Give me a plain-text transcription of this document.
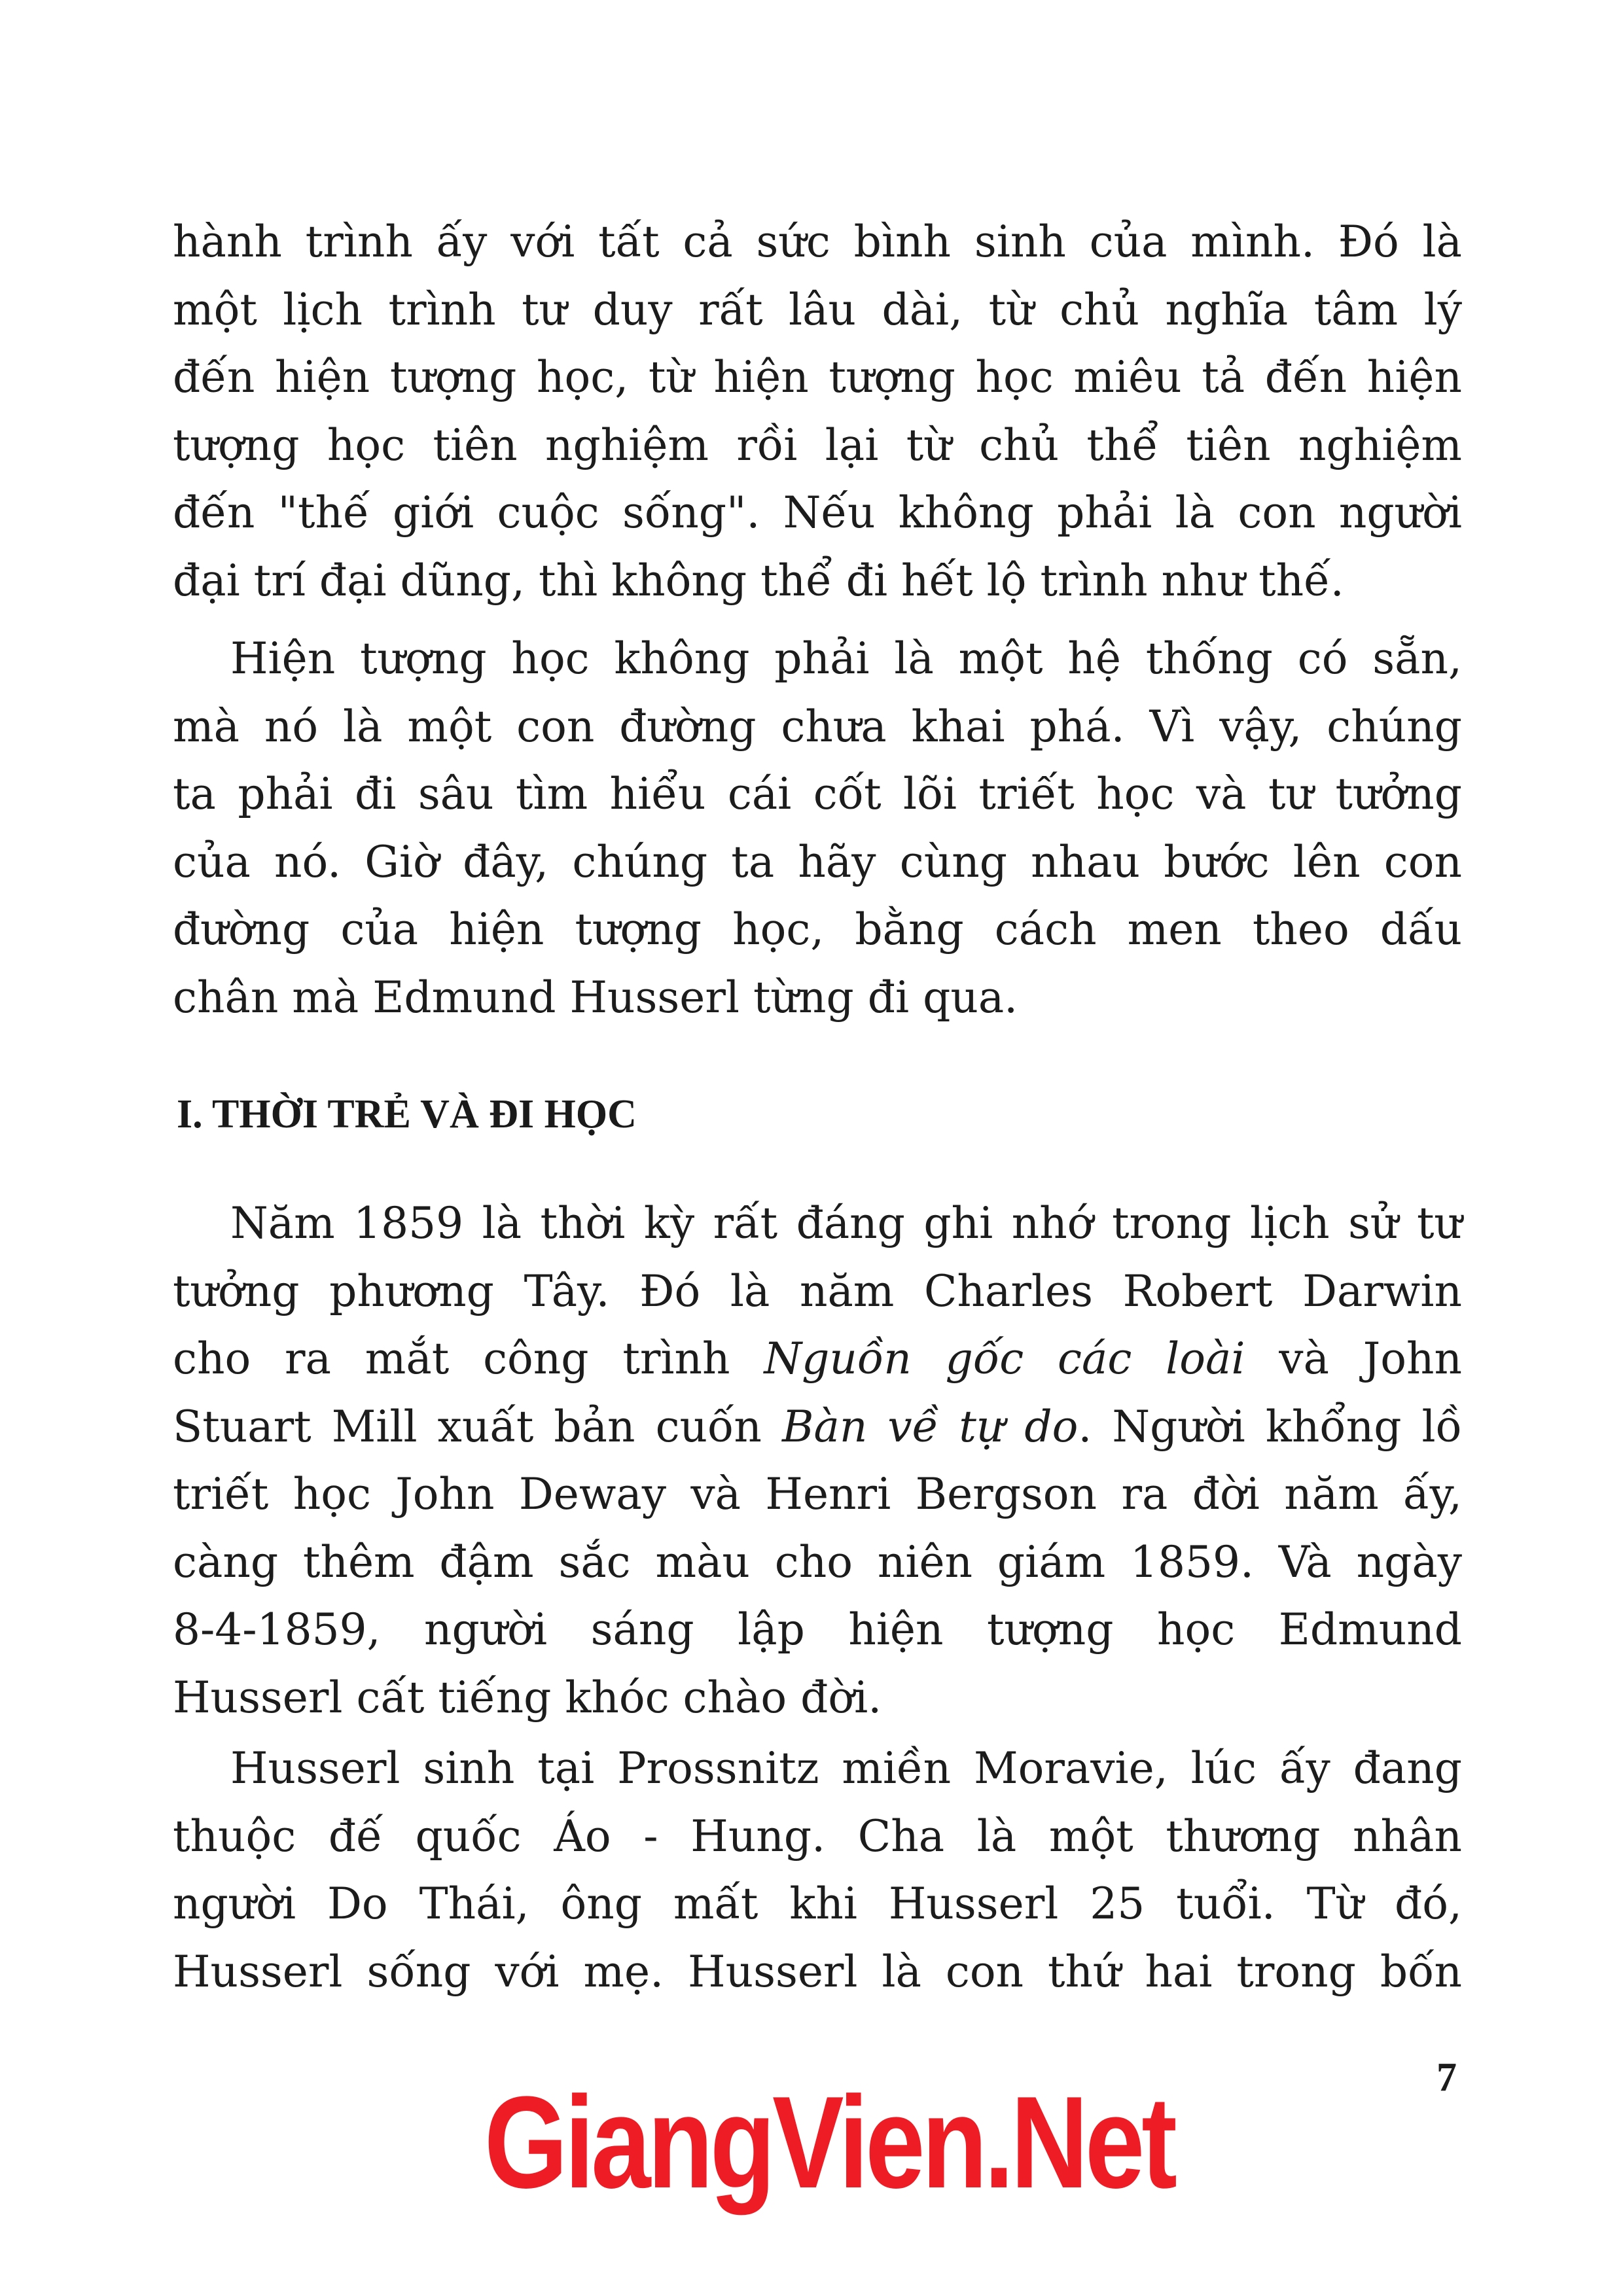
hành trình ấy với tất cả sức bình sinh của mình. Đó là
một lịch trình tư duy rất lâu dài, từ chủ nghĩa tâm lý
đến hiện tượng học, từ hiện tượng học miêu tả đến hiện
tượng học tiên nghiệm rồi lại từ chủ thể tiên nghiệm
đến "thế giới cuộc sống". Nếu không phải là con người
đại trí đại dũng, thì không thể đi hết lộ trình như thế.
Hiện tượng học không phải là một hệ thống có sẵn,
mà nó là một con đường chưa khai phá. Vì vậy, chúng
ta phải đi sâu tìm hiểu cái cốt lõi triết học và tư tưởng
của nó. Giờ đây, chúng ta hãy cùng nhau bước lên con
đường của hiện tượng học, bằng cách men theo dấu
chân mà Edmund Husserl từng đi qua.
I. THỜI TRẺ VÀ ĐI HỌC
Năm 1859 là thời kỳ rất đáng ghi nhớ trong lịch sử tư
tưởng phương Tây. Đó là năm Charles Robert Darwin
cho ra mắt công trình Nguồn gốc các loài và John
Stuart Mill xuất bản cuốn Bàn về tự do. Người khổng lồ
triết học John Deway và Henri Bergson ra đời năm ấy,
càng thêm đậm sắc màu cho niên giám 1859. Và ngày
8-4-1859, người sáng lập hiện tượng học Edmund
Husserl cất tiếng khóc chào đời.
Husserl sinh tại Prossnitz miền Moravie, lúc ấy đang
thuộc đế quốc Áo - Hung. Cha là một thương nhân
người Do Thái, ông mất khi Husserl 25 tuổi. Từ đó,
Husserl sống với mẹ. Husserl là con thứ hai trong bốn
7
GiangVien.Net
